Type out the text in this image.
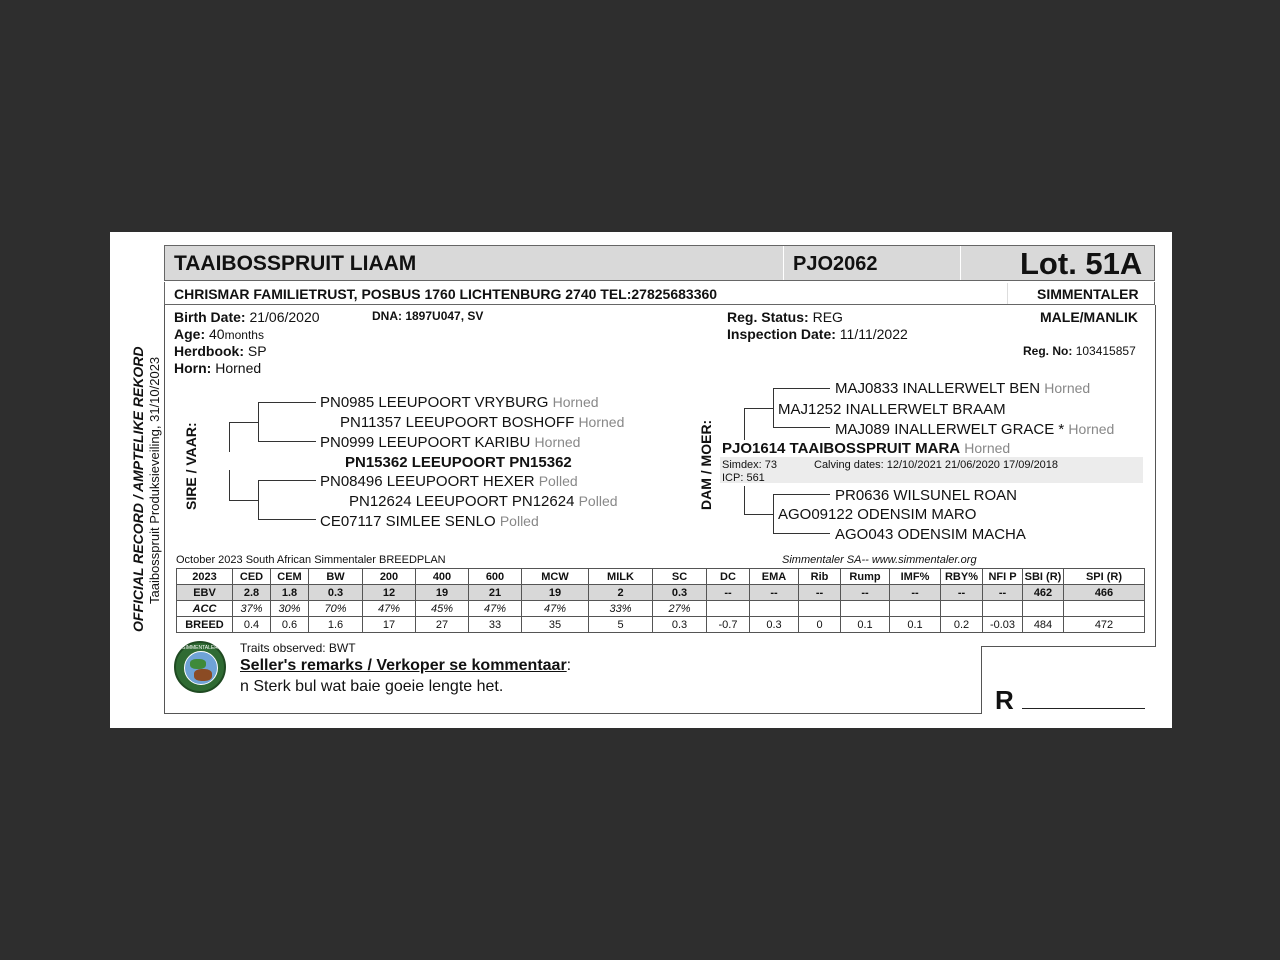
OFFICIAL RECORD / AMPTELIKE REKORD Taaibosspruit Produksieveiling, 31/10/2023
TAAIBOSSPRUIT LIAAM	PJO2062	Lot. 51A
CHRISMAR FAMILIETRUST, POSBUS 1760 LICHTENBURG 2740 TEL:27825683360	SIMMENTALER
Birth Date: 21/06/2020	DNA: 1897U047, SV
Age: 40months
Herdbook: SP
Horn: Horned
Reg. Status: REG
Inspection Date: 11/11/2022
MALE/MANLIK
Reg. No: 103415857
SIRE / VAAR:
PN0985 LEEUPOORT VRYBURG Horned
PN11357 LEEUPOORT BOSHOFF Horned
PN0999 LEEUPOORT KARIBU Horned
PN15362 LEEUPOORT PN15362
PN08496 LEEUPOORT HEXER Polled
PN12624 LEEUPOORT PN12624 Polled
CE07117 SIMLEE SENLO Polled
DAM / MOER:
MAJ0833 INALLERWELT BEN Horned
MAJ1252 INALLERWELT BRAAM
MAJ089 INALLERWELT GRACE * Horned
PJO1614 TAAIBOSSPRUIT MARA Horned
Simdex: 73	Calving dates: 12/10/2021 21/06/2020 17/09/2018
ICP: 561
PR0636 WILSUNEL ROAN
AGO09122 ODENSIM MARO
AGO043 ODENSIM MACHA
October 2023 South African Simmentaler BREEDPLAN	Simmentaler SA-- www.simmentaler.org
2023	CED	CEM	BW	200	400	600	MCW	MILK	SC	DC	EMA	Rib	Rump	IMF%	RBY%	NFI P	SBI (R)	SPI (R)
EBV	2.8	1.8	0.3	12	19	21	19	2	0.3	--	--	--	--	--	--	--	462	466
ACC	37%	30%	70%	47%	45%	47%	47%	33%	27%									
BREED	0.4	0.6	1.6	17	27	33	35	5	0.3	-0.7	0.3	0	0.1	0.1	0.2	-0.03	484	472
SIMMENTALER	Traits observed: BWT
Seller's remarks / Verkoper se kommentaar:
n Sterk bul wat baie goeie lengte het.	R
